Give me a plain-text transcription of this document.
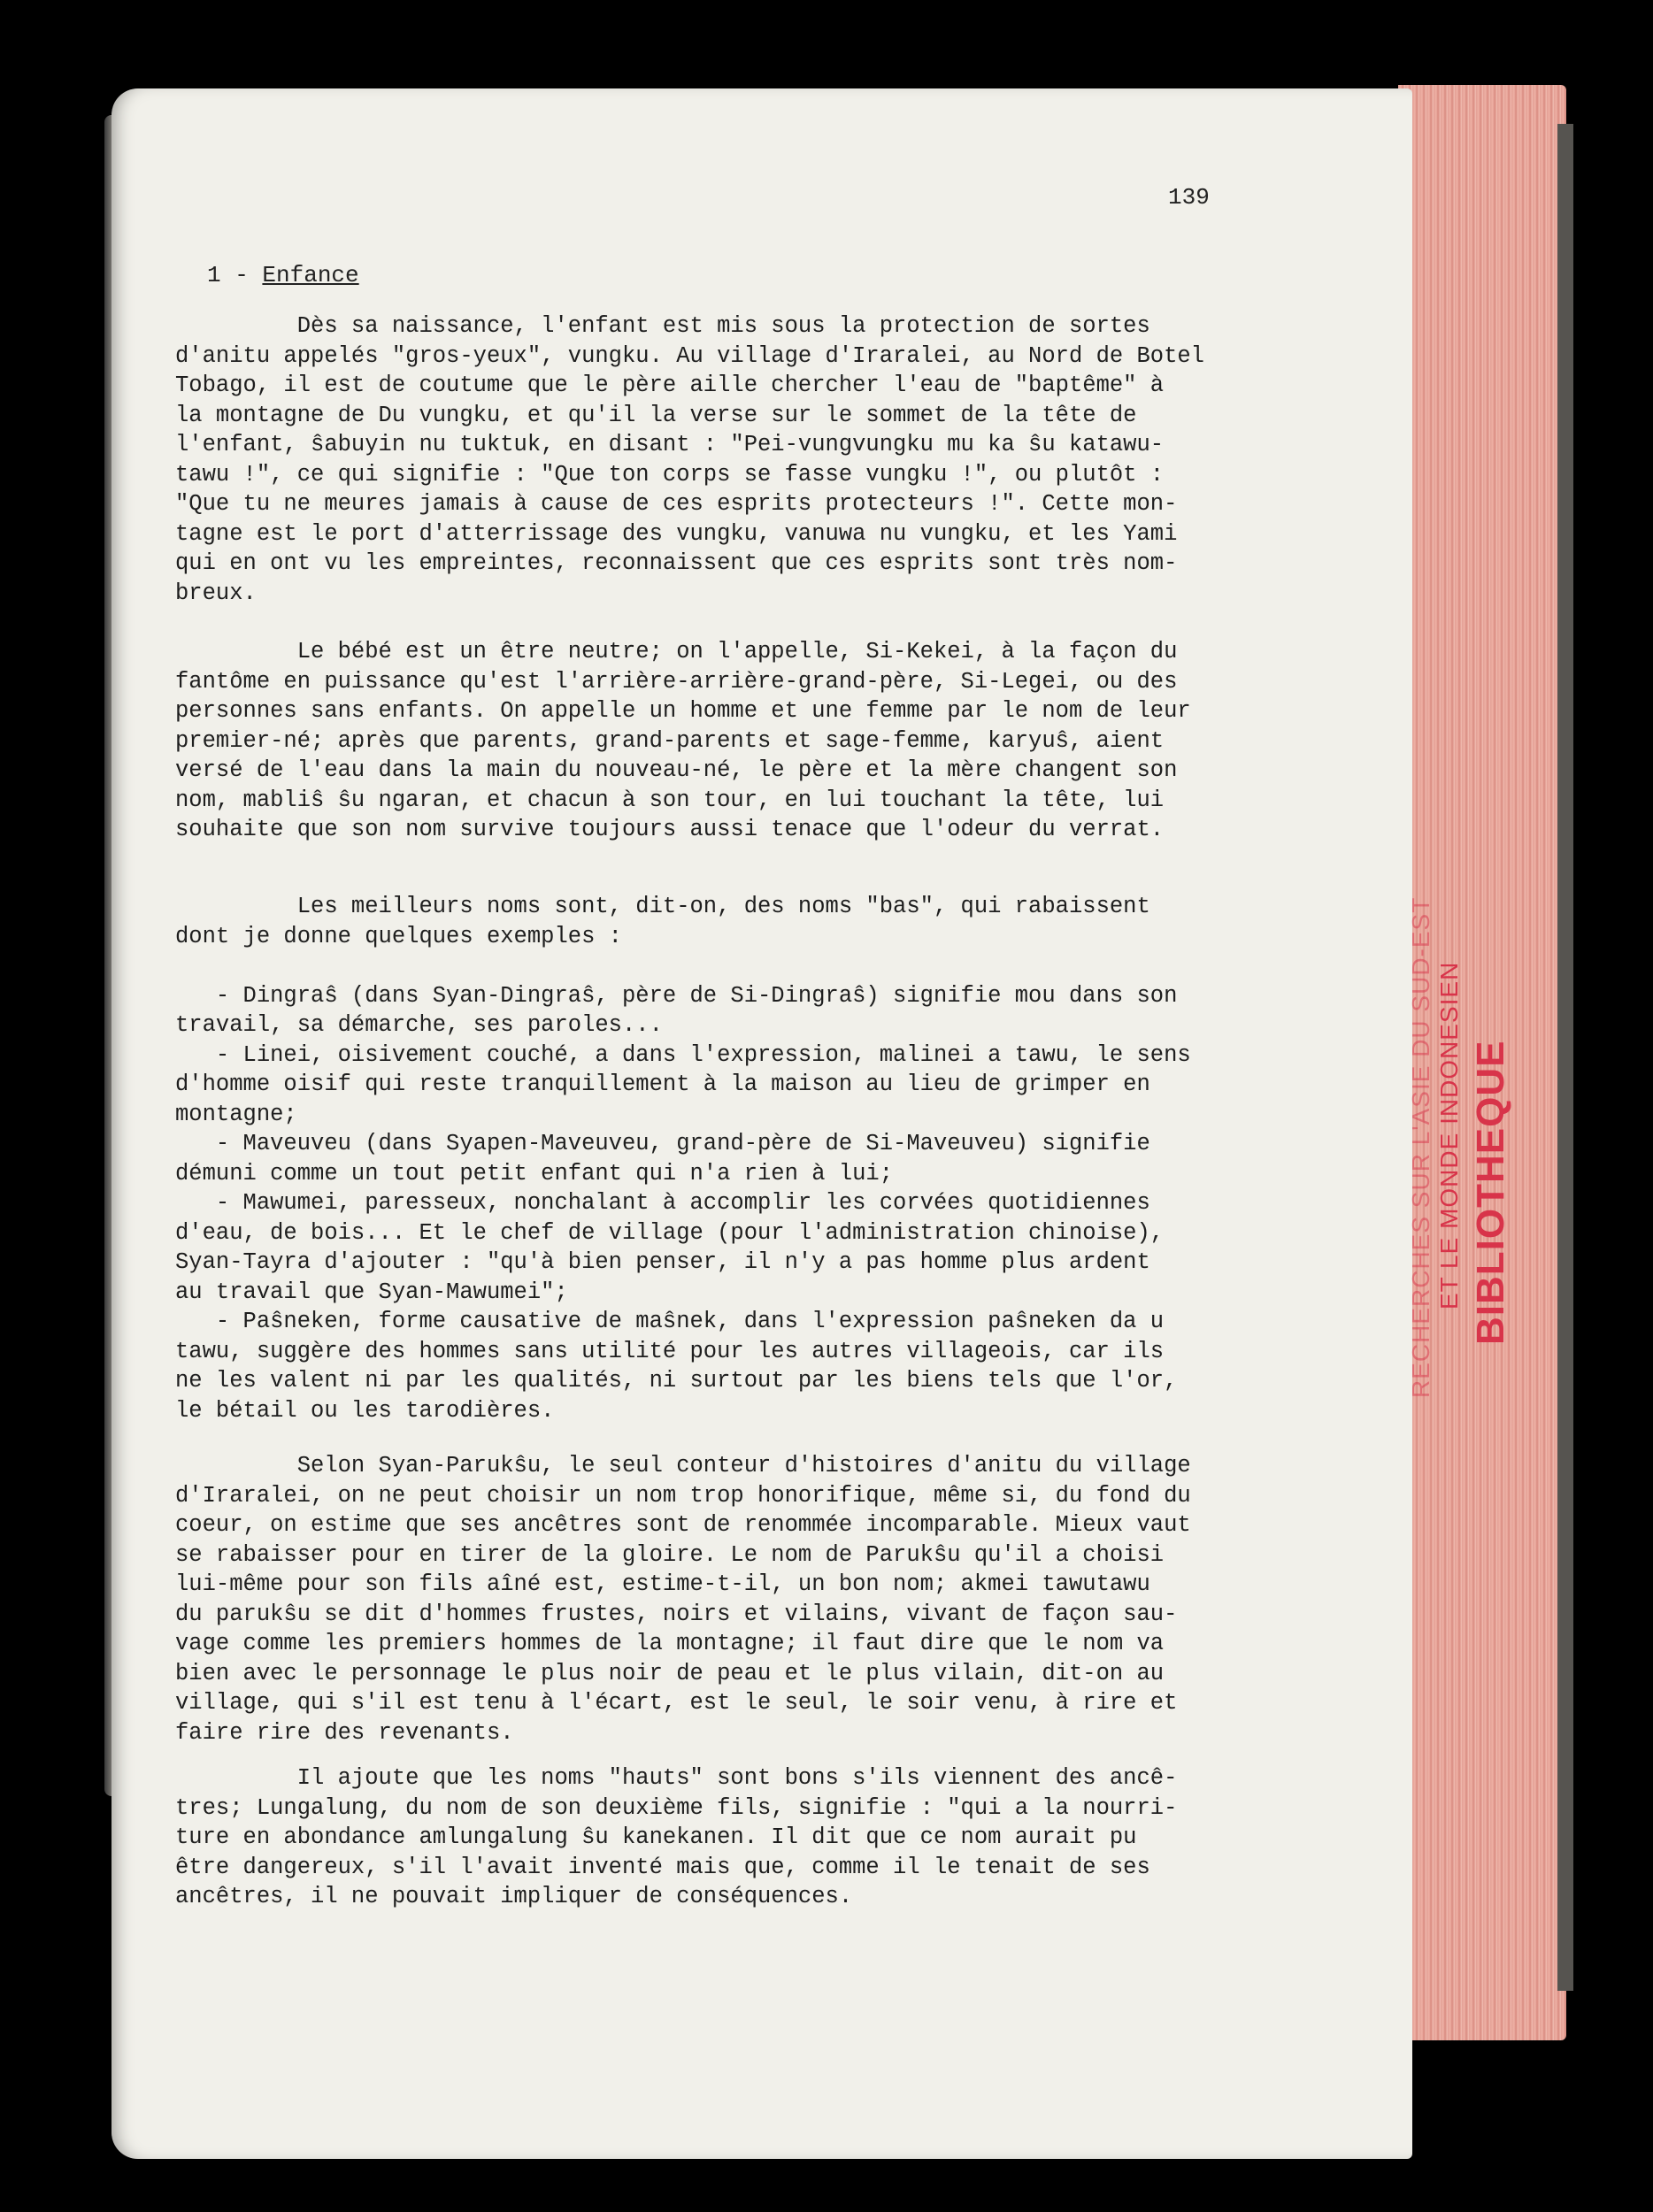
139
1 - Enfance

Dès sa naissance, l'enfant est mis sous la protection de sortes

d'anitu appelés "gros-yeux", vungku. Au village d'Iraralei, au Nord de Botel

Tobago, il est de coutume que le père aille chercher l'eau de "baptême" à

la montagne de Du vungku, et qu'il la verse sur le sommet de la tête de

l'enfant, ŝabuyin nu tuktuk, en disant : "Pei-vungvungku mu ka ŝu katawu-

tawu !", ce qui signifie : "Que ton corps se fasse vungku !", ou plutôt :

"Que tu ne meures jamais à cause de ces esprits protecteurs !". Cette mon-

tagne est le port d'atterrissage des vungku, vanuwa nu vungku, et les Yami

qui en ont vu les empreintes, reconnaissent que ces esprits sont très nom-

breux.

Le bébé est un être neutre; on l'appelle, Si-Kekei, à la façon du

fantôme en puissance qu'est l'arrière-arrière-grand-père, Si-Legei, ou des

personnes sans enfants. On appelle un homme et une femme par le nom de leur

premier-né; après que parents, grand-parents et sage-femme, karyuŝ, aient

versé de l'eau dans la main du nouveau-né, le père et la mère changent son

nom, mabliŝ ŝu ngaran, et chacun à son tour, en lui touchant la tête, lui

souhaite que son nom survive toujours aussi tenace que l'odeur du verrat.

Les meilleurs noms sont, dit-on, des noms "bas", qui rabaissent

dont je donne quelques exemples :

- Dingraŝ (dans Syan-Dingraŝ, père de Si-Dingraŝ) signifie mou dans son

travail, sa démarche, ses paroles...

- Linei, oisivement couché, a dans l'expression, malinei a tawu, le sens

d'homme oisif qui reste tranquillement à la maison au lieu de grimper en

montagne;

- Maveuveu (dans Syapen-Maveuveu, grand-père de Si-Maveuveu) signifie

démuni comme un tout petit enfant qui n'a rien à lui;

- Mawumei, paresseux, nonchalant à accomplir les corvées quotidiennes

d'eau, de bois... Et le chef de village (pour l'administration chinoise),

Syan-Tayra d'ajouter : "qu'à bien penser, il n'y a pas homme plus ardent

au travail que Syan-Mawumei";

- Paŝneken, forme causative de maŝnek, dans l'expression paŝneken da u

tawu, suggère des hommes sans utilité pour les autres villageois, car ils

ne les valent ni par les qualités, ni surtout par les biens tels que l'or,

le bétail ou les tarodières.

Selon Syan-Parukŝu, le seul conteur d'histoires d'anitu du village

d'Iraralei, on ne peut choisir un nom trop honorifique, même si, du fond du

coeur, on estime que ses ancêtres sont de renommée incomparable. Mieux vaut

se rabaisser pour en tirer de la gloire. Le nom de Parukŝu qu'il a choisi

lui-même pour son fils aîné est, estime-t-il, un bon nom; akmei tawutawu

du parukŝu se dit d'hommes frustes, noirs et vilains, vivant de façon sau-

vage comme les premiers hommes de la montagne; il faut dire que le nom va

bien avec le personnage le plus noir de peau et le plus vilain, dit-on au

village, qui s'il est tenu à l'écart, est le seul, le soir venu, à rire et

faire rire des revenants.

Il ajoute que les noms "hauts" sont bons s'ils viennent des ancê-

tres; Lungalung, du nom de son deuxième fils, signifie : "qui a la nourri-

ture en abondance amlungalung ŝu kanekanen. Il dit que ce nom aurait pu

être dangereux, s'il l'avait inventé mais que, comme il le tenait de ses

ancêtres, il ne pouvait impliquer de conséquences.

RECHERCHES SUR L'ASIE DU SUD-EST ET LE MONDE INDONESIEN BIBLIOTHEQUE
